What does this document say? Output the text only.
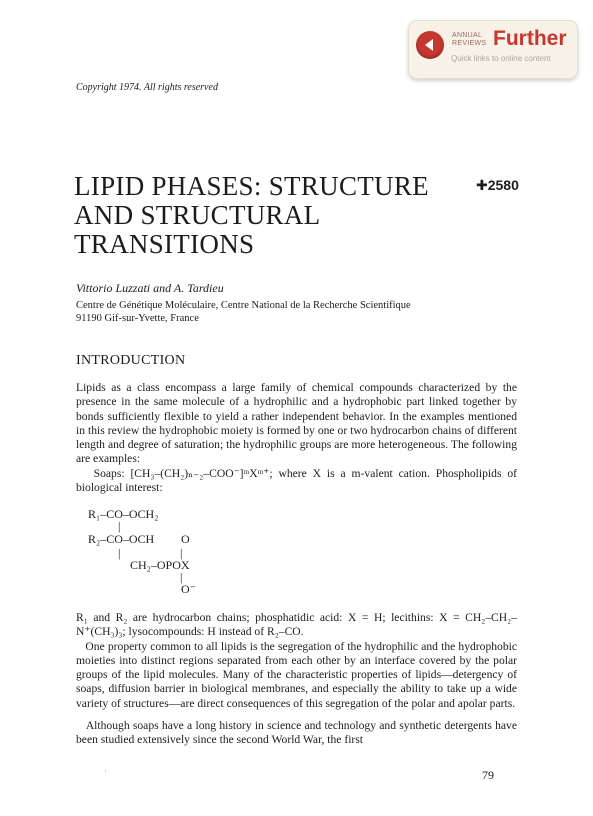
ANNUAL
REVIEWS Further
Quick links to online content
Copyright 1974. All rights reserved
LIPID PHASES: STRUCTURE
AND STRUCTURAL
TRANSITIONS
✚2580
Vittorio Luzzati and A. Tardieu
Centre de Génétique Moléculaire, Centre National de la Recherche Scientifique
91190 Gif-sur-Yvette, France
INTRODUCTION
Lipids as a class encompass a large family of chemical compounds characterized by the presence in the same molecule of a hydrophilic and a hydrophobic part linked together by bonds sufficiently flexible to yield a rather independent behavior. In the examples mentioned in this review the hydrophobic moiety is formed by one or two hydrocarbon chains of different length and degree of saturation; the hydrophilic groups are more heterogeneous. The following are examples:
Soaps: [CH₃–(CH₂)ₙ₋₂–COO⁻]ᵐXᵐ⁺; where X is a m-valent cation. Phospholipids of biological interest:
R₁–CO–OCH₂
|
R₂–CO–OCH O
|	|
CH₂–OPOX
|
O⁻
R₁ and R₂ are hydrocarbon chains; phosphatidic acid: X = H; lecithins: X = CH₂–CH₂–N⁺(CH₃)₃; lysocompounds: H instead of R₂–CO.
One property common to all lipids is the segregation of the hydrophilic and the hydrophobic moieties into distinct regions separated from each other by an interface covered by the polar groups of the lipid molecules. Many of the characteristic properties of lipids—detergency of soaps, diffusion barrier in biological membranes, and especially the ability to take up a wide variety of structures—are direct consequences of this segregation of the polar and apolar parts.
Although soaps have a long history in science and technology and synthetic detergents have been studied extensively since the second World War, the first
'	79
